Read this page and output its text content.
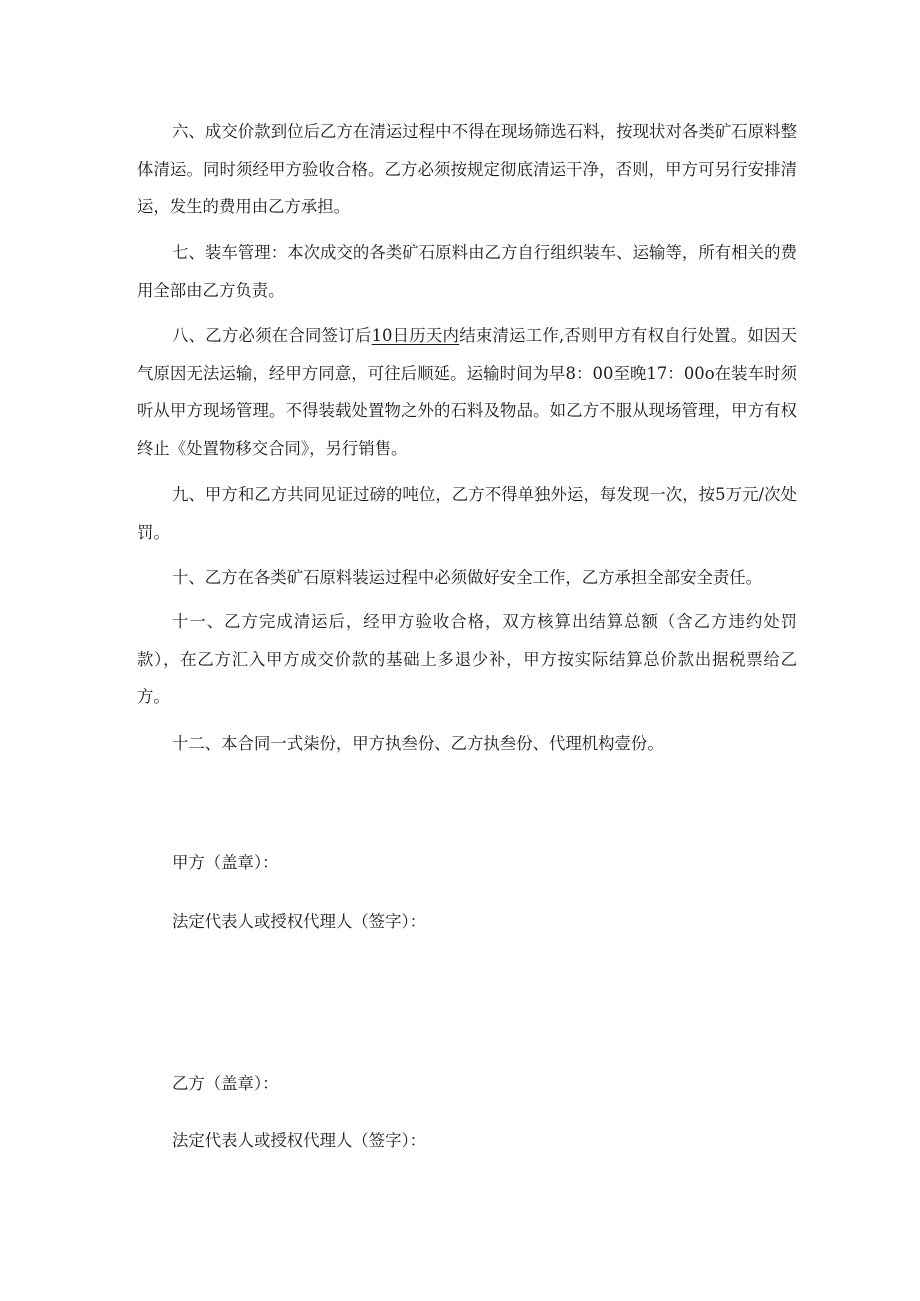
六、成交价款到位后乙方在清运过程中不得在现场筛选石料，按现状对各类矿石原料整体清运。同时须经甲方验收合格。乙方必须按规定彻底清运干净，否则，甲方可另行安排清运，发生的费用由乙方承担。

七、装车管理：本次成交的各类矿石原料由乙方自行组织装车、运输等，所有相关的费用全部由乙方负责。

八、乙方必须在合同签订后10日历天内结束清运工作,否则甲方有权自行处置。如因天气原因无法运输，经甲方同意，可往后顺延。运输时间为早8：00至晚17：00o在装车时须听从甲方现场管理。不得装载处置物之外的石料及物品。如乙方不服从现场管理，甲方有权终止《处置物移交合同》，另行销售。

九、甲方和乙方共同见证过磅的吨位，乙方不得单独外运，每发现一次，按5万元/次处罚。

十、乙方在各类矿石原料装运过程中必须做好安全工作，乙方承担全部安全责任。

十一、乙方完成清运后，经甲方验收合格，双方核算出结算总额（含乙方违约处罚款），在乙方汇入甲方成交价款的基础上多退少补，甲方按实际结算总价款出据税票给乙方。

十二、本合同一式柒份，甲方执叁份、乙方执叁份、代理机构壹份。

甲方（盖章）：

法定代表人或授权代理人（签字）：

乙方（盖章）：

法定代表人或授权代理人（签字）：
